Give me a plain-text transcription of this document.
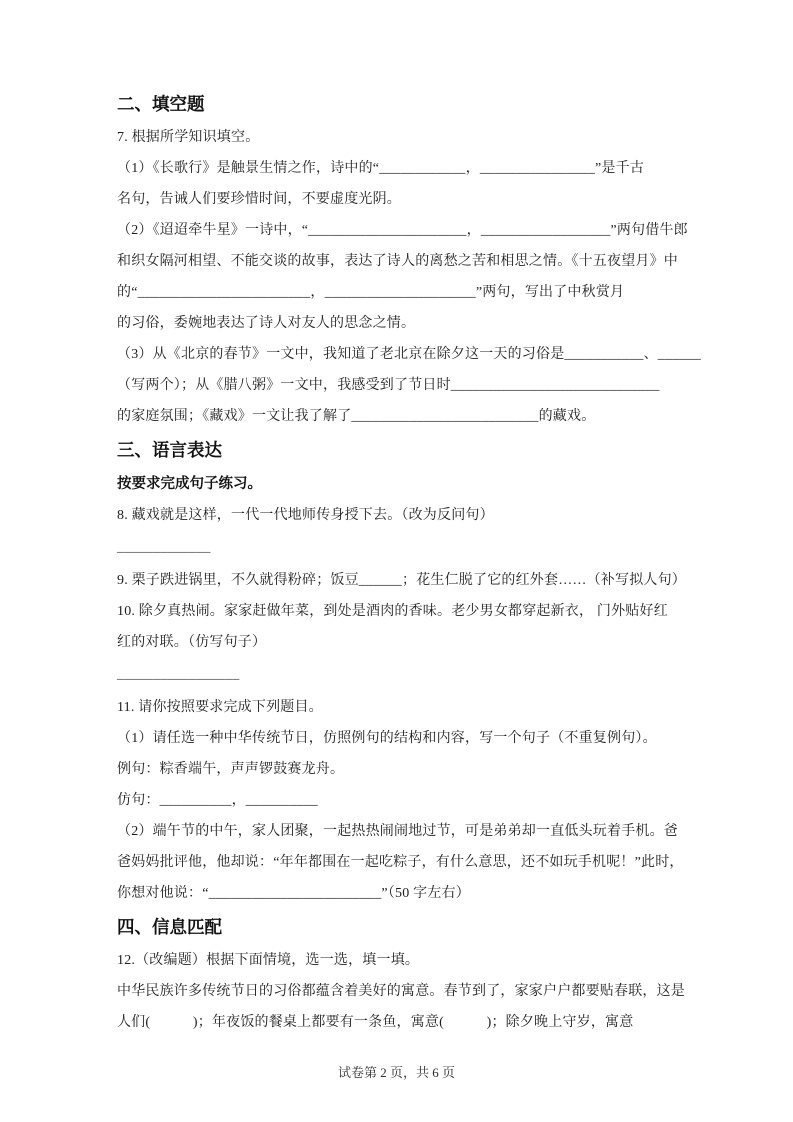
二、填空题
7. 根据所学知识填空。
（1）《长歌行》是触景生情之作，诗中的“____________，________________”是千古
名句，告诫人们要珍惜时间，不要虚度光阴。
（2）《迢迢牵牛星》一诗中，“______________________，__________________”两句借牛郎
和织女隔河相望、不能交谈的故事，表达了诗人的离愁之苦和相思之情。《十五夜望月》中
的“________________________，_____________________”两句，写出了中秋赏月
的习俗，委婉地表达了诗人对友人的思念之情。
（3）从《北京的春节》一文中，我知道了老北京在除夕这一天的习俗是___________、______
（写两个）；从《腊八粥》一文中，我感受到了节日时_____________________________
的家庭氛围；《藏戏》一文让我了解了__________________________的藏戏。
三、语言表达
按要求完成句子练习。
8. 藏戏就是这样，一代一代地师传身授下去。（改为反问句）
_____________
9. 栗子跌进锅里，不久就得粉碎；饭豆______；花生仁脱了它的红外套……（补写拟人句）
10. 除夕真热闹。家家赶做年菜，到处是酒肉的香味。老少男女都穿起新衣， 门外贴好红
红的对联。（仿写句子）
_________________
11. 请你按照要求完成下列题目。
（1）请任选一种中华传统节日，仿照例句的结构和内容，写一个句子（不重复例句）。
例句：粽香端午，声声锣鼓赛龙舟。
仿句：__________，__________
（2）端午节的中午，家人团聚，一起热热闹闹地过节，可是弟弟却一直低头玩着手机。爸
爸妈妈批评他，他却说：“年年都围在一起吃粽子，有什么意思，还不如玩手机呢！”此时，
你想对他说：“________________________”（50 字左右）
四、信息匹配
12.（改编题）根据下面情境，选一选，填一填。
中华民族许多传统节日的习俗都蕴含着美好的寓意。春节到了，家家户户都要贴春联，这是
人们(　　　)；年夜饭的餐桌上都要有一条鱼，寓意(　　　)；除夕晚上守岁，寓意
试卷第 2 页，共 6 页
